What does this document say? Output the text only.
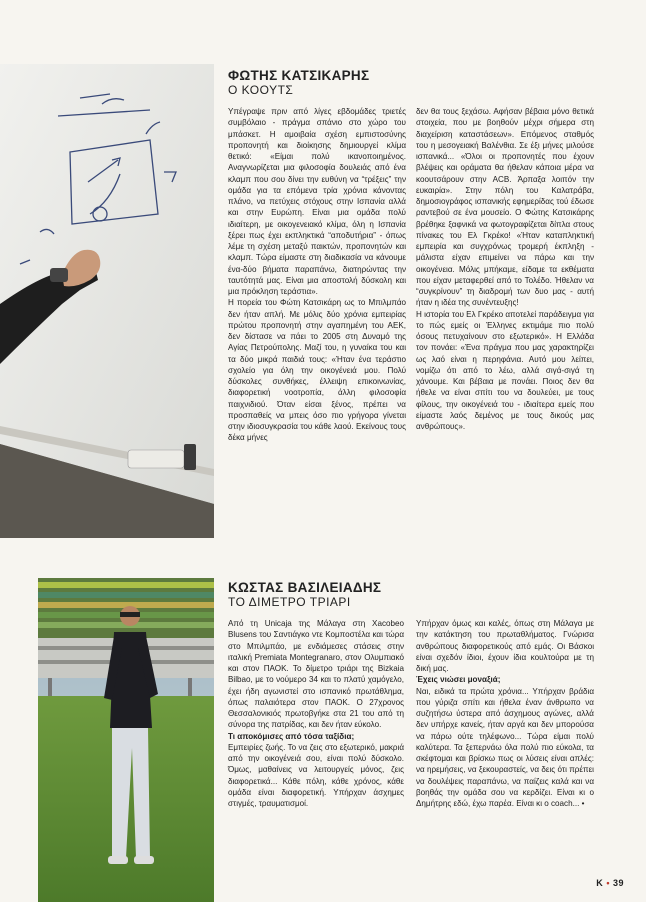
ΦΩΤΗΣ ΚΑΤΣΙΚΑΡΗΣ
Ο ΚΟΟΥΤΣ

Υπέγραψε πριν από λίγες εβδομάδες τριετές συμβόλαιο - πράγμα σπάνιο στο χώρο του μπάσκετ. Η αμοιβαία σχέση εμπιστοσύνης προπονητή και διοίκησης δημιουργεί κλίμα θετικό: «Είμαι πολύ ικανοποιημένος. Αναγνωρίζεται μια φιλοσοφία δουλειάς από ένα κλαμπ που σου δίνει την ευθύνη να “τρέξεις” την ομάδα για τα επόμενα τρία χρόνια κάνοντας πλάνο, να πετύχεις στόχους στην Ισπανία αλλά και στην Ευρώπη. Είναι μια ομάδα πολύ ιδιαίτερη, με οικογενειακό κλίμα, όλη η Ισπανία ξέρει πως έχει εκπληκτικά “αποδυτήρια” - όπως λέμε τη σχέση μεταξύ παικτών, προπονητών και κλαμπ. Τώρα είμαστε στη διαδικασία να κάνουμε ένα-δύο βήματα παραπάνω, διατηρώντας την ταυτότητά μας. Είναι μια αποστολή δύσκολη και μια πρόκληση τεράστια».

Η πορεία του Φώτη Κατσικάρη ως το Μπιλμπάο δεν ήταν απλή. Με μόλις δύο χρόνια εμπειρίας πρώτου προπονητή στην αγαπημένη του ΑΕΚ, δεν δίστασε να πάει το 2005 στη Δυναμό της Αγίας Πετρούπολης. Μαζί του, η γυναίκα του και τα δύο μικρά παιδιά τους: «Ήταν ένα τεράστιο σχολείο για όλη την οικογένειά μου. Πολύ δύσκολες συνθήκες, έλλειψη επικοινωνίας, διαφορετική νοοτροπία, άλλη φιλοσοφία παιχνιδιού. Όταν είσαι ξένος, πρέπει να προσπαθείς να μπεις όσο πιο γρήγορα γίνεται στην ιδιοσυγκρασία του κάθε λαού. Εκείνους τους δέκα μήνες

δεν θα τους ξεχάσω. Αφήσαν βέβαια μόνο θετικά στοιχεία, που με βοηθούν μέχρι σήμερα στη διαχείριση καταστάσεων». Επόμενος σταθμός του η μεσογειακή Βαλένθια. Σε έξι μήνες μιλούσε ισπανικά... «Όλοι οι προπονητές που έχουν βλέψεις και οράματα θα ήθελαν κάποια μέρα να κοουτσάρουν στην ACB. Άρπαξα λοιπόν την ευκαιρία». Στην πόλη του Καλατράβα, δημοσιογράφος ισπανικής εφημερίδας τού έδωσε ραντεβού σε ένα μουσείο. Ο Φώτης Κατσικάρης βρέθηκε ξαφνικά να φωτογραφίζεται δίπλα στους πίνακες του Ελ Γκρέκο! «Ήταν καταπληκτική εμπειρία και συγχρόνως τρομερή έκπληξη - μάλιστα είχαν επιμείνει να πάρω και την οικογένεια. Μόλις μπήκαμε, είδαμε τα εκθέματα που είχαν μεταφερθεί από το Τολέδο. Ήθελαν να “συγκρίνουν” τη διαδρομή των δυο μας - αυτή ήταν η ιδέα της συνέντευξης!

Η ιστορία του Ελ Γκρέκο αποτελεί παράδειγμα για το πώς εμείς οι Έλληνες εκτιμάμε πιο πολύ όσους πετυχαίνουν στο εξωτερικό». Η Ελλάδα τον πονάει: «Ένα πράγμα που μας χαρακτηρίζει ως λαό είναι η περηφάνια. Αυτό μου λείπει, νομίζω ότι από το λέω, αλλά σιγά-σιγά τη χάνουμε. Και βέβαια με πονάει. Ποιος δεν θα ήθελε να είναι σπίτι του να δουλεύει, με τους φίλους, την οικογένειά του - ιδιαίτερα εμείς που είμαστε λαός δεμένος με τους δικούς μας ανθρώπους».

ΚΩΣΤΑΣ ΒΑΣΙΛΕΙΑΔΗΣ
ΤΟ ΔΙΜΕΤΡΟ ΤΡΙΑΡΙ

Από τη Unicaja της Μάλαγα στη Xacobeo Blusens του Σαντιάγκο ντε Κομποστέλα και τώρα στο Μπιλμπάο, με ενδιάμεσες στάσεις στην ιταλική Premiata Montegranaro, στον Ολυμπιακό και στον ΠΑΟΚ. Το δίμετρο τριάρι της Bizkaia Bilbao, με το νούμερο 34 και το πλατύ χαμόγελο, έχει ήδη αγωνιστεί στο ισπανικό πρωτάθλημα, όπως παλαιότερα στον ΠΑΟΚ. Ο 27χρονος Θεσσαλονικιός πρωτοβγήκε στα 21 του από τη σύνορα της πατρίδας, και δεν ήταν εύκολο.

Τι αποκόμισες από τόσα ταξίδια;

Εμπειρίες ζωής. Το να ζεις στο εξωτερικό, μακριά από την οικογένειά σου, είναι πολύ δύσκολο. Όμως, μαθαίνεις να λειτουργείς μόνος, ζεις διαφορετικά... Κάθε πόλη, κάθε χρόνος, κάθε ομάδα είναι διαφορετική. Υπήρχαν άσχημες στιγμές, τραυματισμοί.

Υπήρχαν όμως και καλές, όπως στη Μάλαγα με την κατάκτηση του πρωταθλήματος. Γνώρισα ανθρώπους διαφορετικούς από εμάς. Οι Βάσκοι είναι σχεδόν ίδιοι, έχουν ίδια κουλτούρα με τη δική μας.

Έχεις νιώσει μοναξιά;

Ναι, ειδικά τα πρώτα χρόνια... Υπήρχαν βράδια που γύριζα σπίτι και ήθελα έναν άνθρωπο να συζητήσω ύστερα από άσχημους αγώνες, αλλά δεν υπήρχε κανείς, ήταν αργά και δεν μπορούσα να πάρω ούτε τηλέφωνο... Τώρα είμαι πολύ καλύτερα. Τα ξεπερνάω όλα πολύ πιο εύκολα, τα σκέφτομαι και βρίσκω πως οι λύσεις είναι απλές: να ηρεμήσεις, να ξεκουραστείς, να δεις ότι πρέπει να δουλέψεις παραπάνω, να παίζεις καλά και να βοηθάς την ομάδα σου να κερδίζει. Είναι κι ο Δημήτρης εδώ, έχω παρέα. Είναι κι ο coach... •

K • 39
